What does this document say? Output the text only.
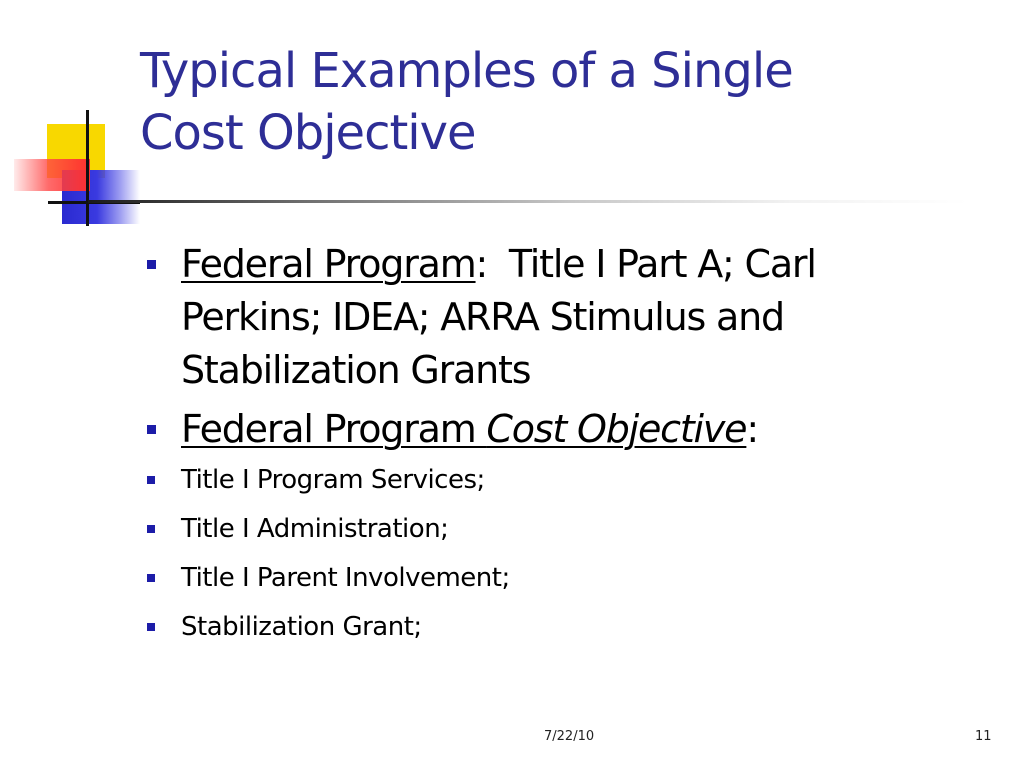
Typical Examples of a Single
Cost Objective
Federal Program:  Title I Part A; Carl Perkins; IDEA; ARRA Stimulus and Stabilization Grants
Federal Program Cost Objective:
Title I Program Services;
Title I Administration;
Title I Parent Involvement;
Stabilization Grant;
7/22/10	11
